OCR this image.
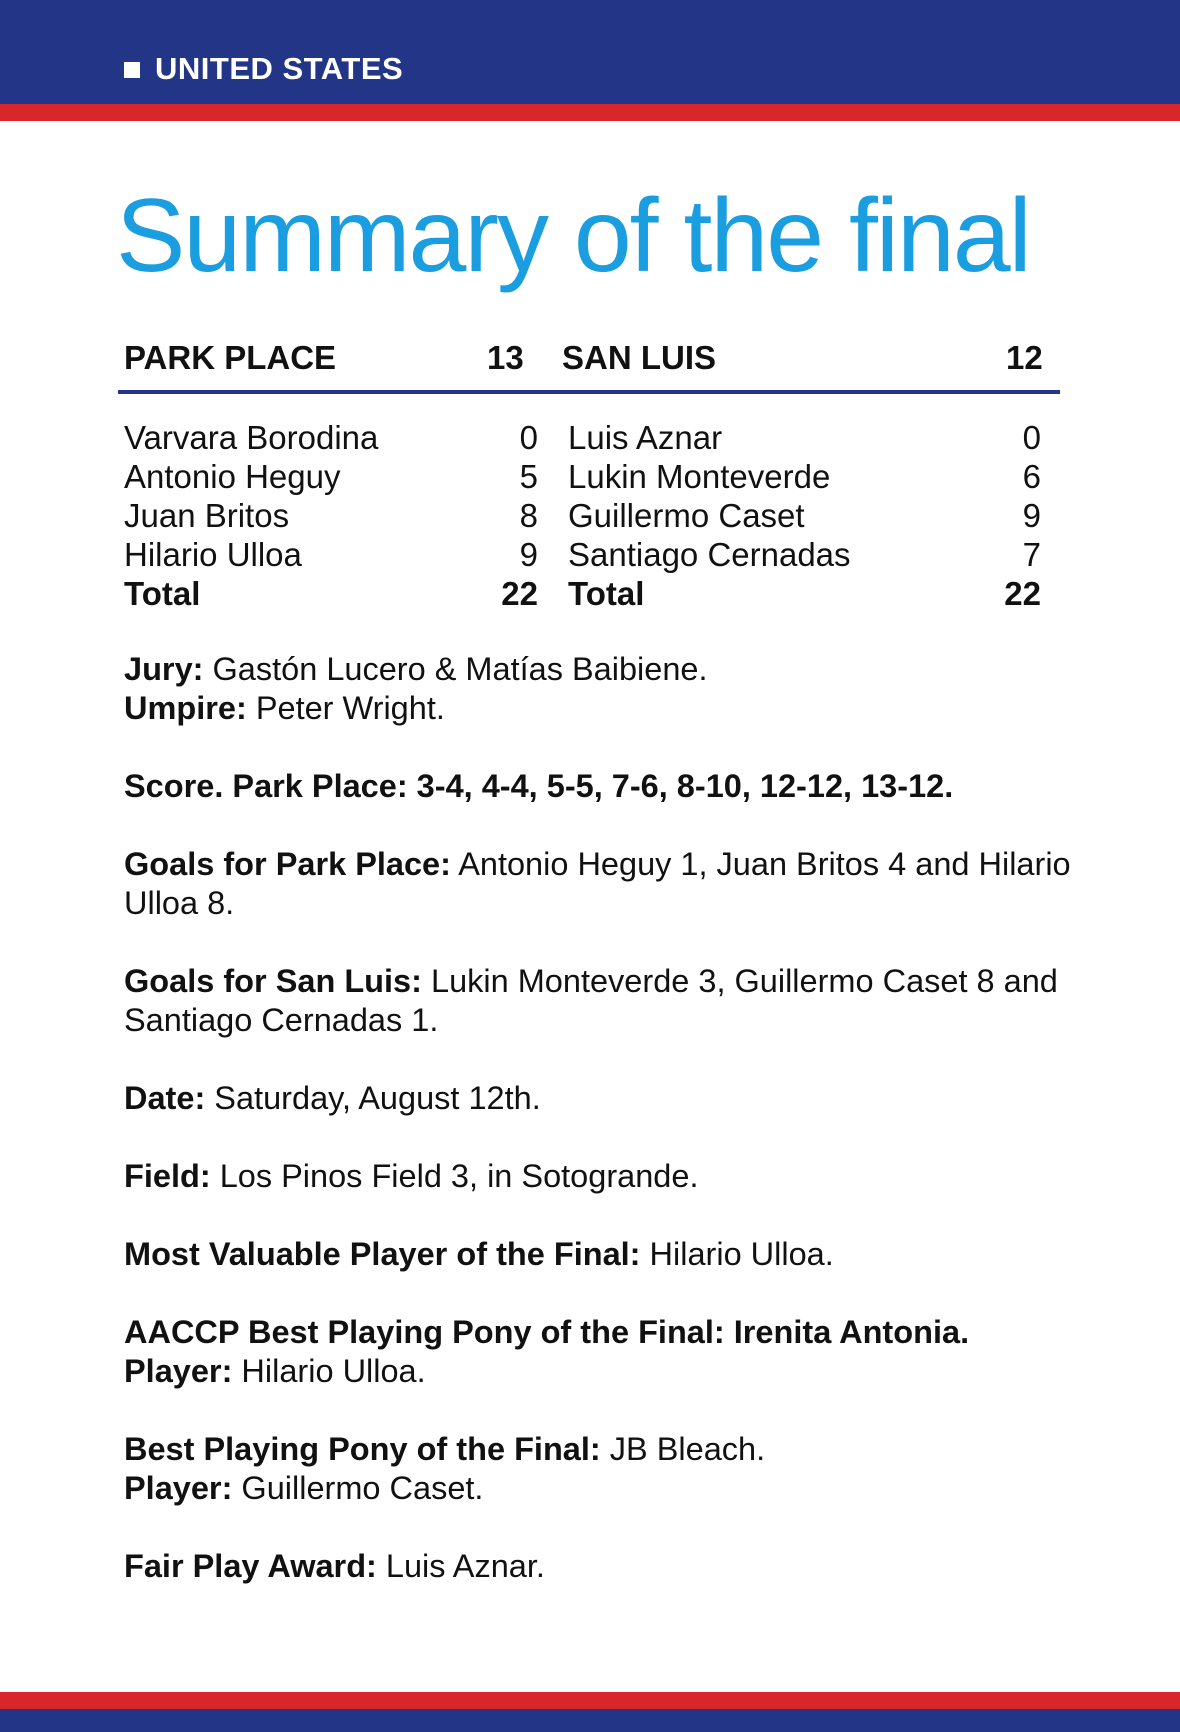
UNITED STATES
Summary of the final
PARK PLACE	13 SAN LUIS	12
Varvara Borodina	0
Antonio Heguy	5
Juan Britos	8
Hilario Ulloa	9
Total	22
Luis Aznar	0
Lukin Monteverde	6
Guillermo Caset	9
Santiago Cernadas	7
Total	22

Jury: Gastón Lucero & Matías Baibiene.

Umpire: Peter Wright.

Score. Park Place: 3-4, 4-4, 5-5, 7-6, 8-10, 12-12, 13-12.

Goals for Park Place: Antonio Heguy 1, Juan Britos 4 and Hilario Ulloa 8.

Goals for San Luis: Lukin Monteverde 3, Guillermo Caset 8 and Santiago Cernadas 1.

Date: Saturday, August 12th.

Field: Los Pinos Field 3, in Sotogrande.

Most Valuable Player of the Final: Hilario Ulloa.

AACCP Best Playing Pony of the Final: Irenita Antonia.

Player: Hilario Ulloa.

Best Playing Pony of the Final: JB Bleach.

Player: Guillermo Caset.

Fair Play Award: Luis Aznar.
